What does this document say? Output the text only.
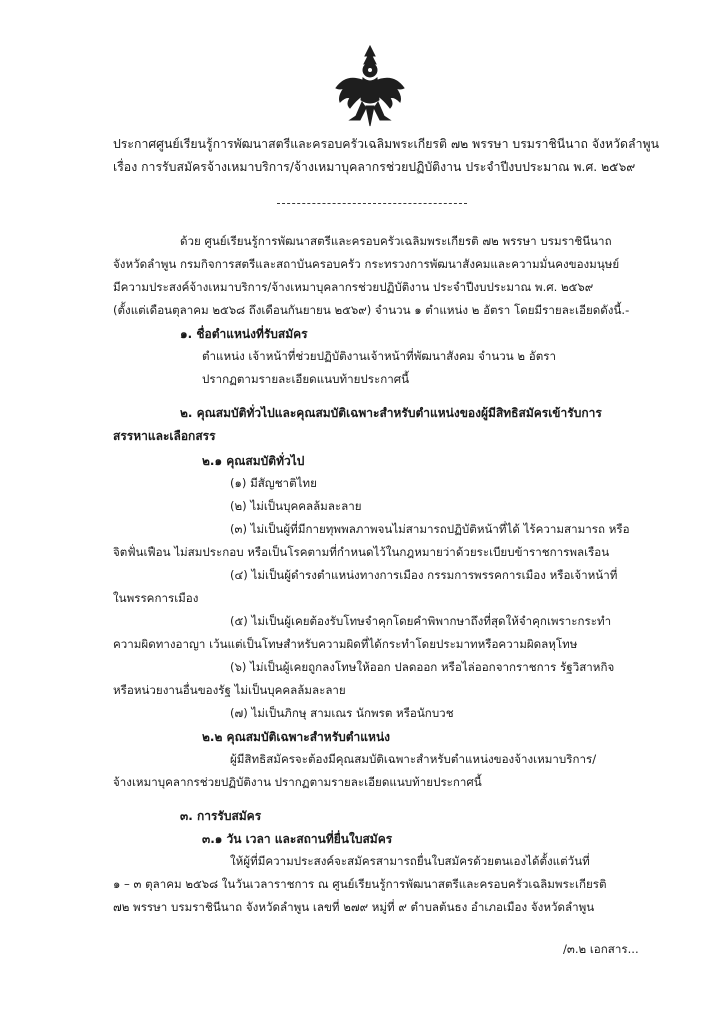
ประกาศศูนย์เรียนรู้การพัฒนาสตรีและครอบครัวเฉลิมพระเกียรติ ๗๒ พรรษา บรมราชินีนาถ จังหวัดลำพูน
เรื่อง การรับสมัครจ้างเหมาบริการ/จ้างเหมาบุคลากรช่วยปฏิบัติงาน ประจำปีงบประมาณ พ.ศ. ๒๕๖๙
ด้วย ศูนย์เรียนรู้การพัฒนาสตรีและครอบครัวเฉลิมพระเกียรติ ๗๒ พรรษา บรมราชินีนาถ
จังหวัดลำพูน กรมกิจการสตรีและสถาบันครอบครัว กระทรวงการพัฒนาสังคมและความมั่นคงของมนุษย์
มีความประสงค์จ้างเหมาบริการ/จ้างเหมาบุคลากรช่วยปฏิบัติงาน ประจำปีงบประมาณ พ.ศ. ๒๕๖๙
(ตั้งแต่เดือนตุลาคม ๒๕๖๘ ถึงเดือนกันยายน ๒๕๖๙) จำนวน ๑ ตำแหน่ง ๒ อัตรา โดยมีรายละเอียดดังนี้.-
๑. ชื่อตำแหน่งที่รับสมัคร
ตำแหน่ง เจ้าหน้าที่ช่วยปฏิบัติงานเจ้าหน้าที่พัฒนาสังคม จำนวน ๒ อัตรา
ปรากฏตามรายละเอียดแนบท้ายประกาศนี้
๒. คุณสมบัติทั่วไปและคุณสมบัติเฉพาะสำหรับตำแหน่งของผู้มีสิทธิสมัครเข้ารับการ
สรรหาและเลือกสรร
๒.๑ คุณสมบัติทั่วไป
(๑) มีสัญชาติไทย
(๒) ไม่เป็นบุคคลล้มละลาย
(๓) ไม่เป็นผู้ที่มีกายทุพพลภาพจนไม่สามารถปฏิบัติหน้าที่ได้ ไร้ความสามารถ หรือ
จิตฟั่นเฟือน ไม่สมประกอบ หรือเป็นโรคตามที่กำหนดไว้ในกฎหมายว่าด้วยระเบียบข้าราชการพลเรือน
(๔) ไม่เป็นผู้ดำรงตำแหน่งทางการเมือง กรรมการพรรคการเมือง หรือเจ้าหน้าที่
ในพรรคการเมือง
(๕) ไม่เป็นผู้เคยต้องรับโทษจำคุกโดยคำพิพากษาถึงที่สุดให้จำคุกเพราะกระทำ
ความผิดทางอาญา เว้นแต่เป็นโทษสำหรับความผิดที่ได้กระทำโดยประมาทหรือความผิดลหุโทษ
(๖) ไม่เป็นผู้เคยถูกลงโทษให้ออก ปลดออก หรือไล่ออกจากราชการ รัฐวิสาหกิจ
หรือหน่วยงานอื่นของรัฐ ไม่เป็นบุคคลล้มละลาย
(๗) ไม่เป็นภิกษุ สามเณร นักพรต หรือนักบวช
๒.๒ คุณสมบัติเฉพาะสำหรับตำแหน่ง
ผู้มีสิทธิสมัครจะต้องมีคุณสมบัติเฉพาะสำหรับตำแหน่งของจ้างเหมาบริการ/
จ้างเหมาบุคลากรช่วยปฏิบัติงาน ปรากฏตามรายละเอียดแนบท้ายประกาศนี้
๓. การรับสมัคร
๓.๑ วัน เวลา และสถานที่ยื่นใบสมัคร
ให้ผู้ที่มีความประสงค์จะสมัครสามารถยื่นใบสมัครด้วยตนเองได้ตั้งแต่วันที่
๑ – ๓ ตุลาคม ๒๕๖๘ ในวันเวลาราชการ ณ ศูนย์เรียนรู้การพัฒนาสตรีและครอบครัวเฉลิมพระเกียรติ
๗๒ พรรษา บรมราชินีนาถ จังหวัดลำพูน เลขที่ ๒๗๙ หมู่ที่ ๙ ตำบลต้นธง อำเภอเมือง จังหวัดลำพูน
/๓.๒ เอกสาร...
